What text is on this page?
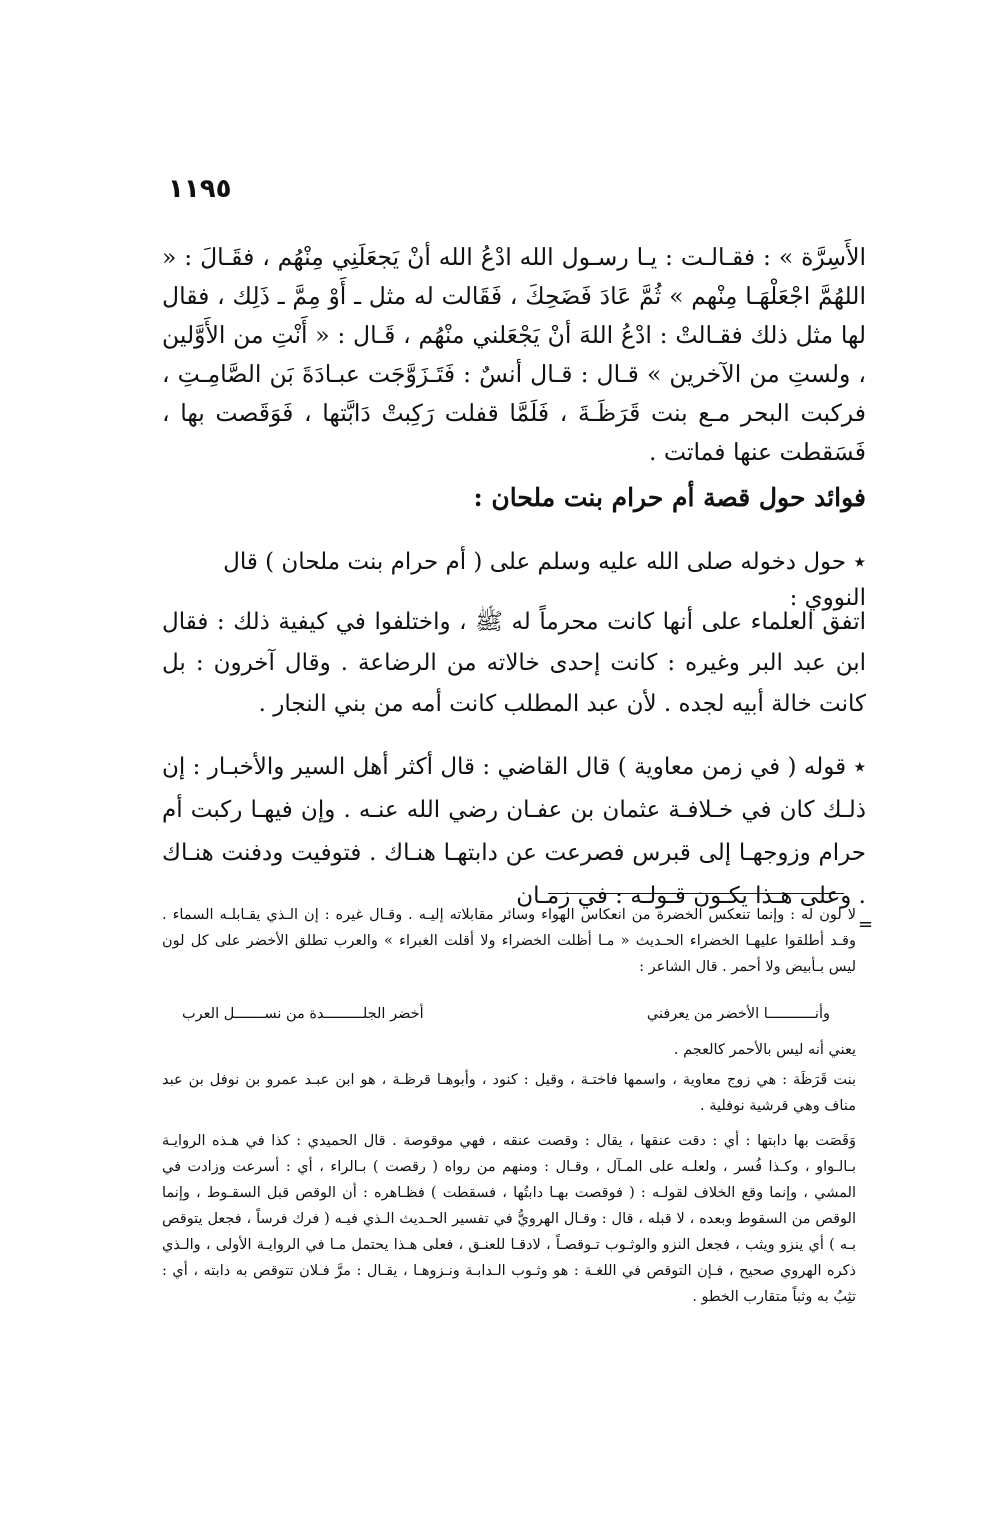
١١٩٥

الأَسِرَّة » : فقـالـت : يـا رسـول الله ادْعُ الله أنْ يَجعَلَنِي مِنْهُم ، فقَـالَ : « اللهُمَّ اجْعَلْهَـا مِنْهم » ثُمَّ عَادَ فَضَحِكَ ، فَقَالت له مثل ـ أَوْ مِمَّ ـ ذَلِك ، فقال لها مثل ذلك فقـالتْ : ادْعُ اللهَ أنْ يَجْعَلني منْهُم ، قَـال : « أَنْتِ من الأَوَّلين ، ولستِ من الآخرين » قـال : قـال أنسٌ : فَتَـزَوَّجَت عبـادَةَ بَن الصَّامِـتِ ، فركبت البحر مـع بنت قَرَظَـةَ ، فَلَمَّا قفلت رَكِبتْ دَابَّتها ، فَوَقَصت بها ، فَسَقطت عنها فماتت .

فوائد حول قصة أم حرام بنت ملحان :

٭ حول دخوله صلى الله عليه وسلم على ( أم حرام بنت ملحان ) قال النووي :

اتفق العلماء على أنها كانت محرماً له ﷺ ، واختلفوا في كيفية ذلك : فقال ابن عبد البر وغيره : كانت إحدى خالاته من الرضاعة . وقال آخرون : بل كانت خالة أبيه لجده . لأن عبد المطلب كانت أمه من بني النجار .

٭ قوله ( في زمن معاوية ) قال القاضي : قال أكثر أهل السير والأخبـار : إن ذلـك كان في خـلافـة عثمان بن عفـان رضي الله عنـه . وإن فيهـا ركبت أم حرام وزوجهـا إلى قبرس فصرعت عن دابتهـا هنـاك . فتوفيت ودفنت هنـاك . وعلى هـذا يكـون قـولـه : في زمـان

=

لا لون له : وإنما تنعكس الخضرة من انعكاس الهواء وسائر مقابلاته إليـه . وقـال غيره : إن الـذي يقـابلـه السماء . وقـد أطلقوا عليهـا الخضراء الحـديث « مـا أظلت الخضراء ولا أقلت الغبراء » والعرب تطلق الأخضر على كل لون ليس بـأبيض ولا أحمر . قال الشاعر :

وأنـــــــــــا الأخضر من يعرفني
أخضر الجلـــــــــدة من نســـــــل العرب

يعني أنه ليس بالأحمر كالعجم .

بنت قَرَظَة : هي زوج معاوية ، واسمها فاختـة ، وقيل : كنود ، وأبوهـا قرظـة ، هو ابن عبـد عمرو بن نوفل بن عبد مناف وهي قرشية نوفلية .

وَقَصَت بها دابتها : أي : دقت عنقها ، يقال : وقصت عنقه ، فهي موقوصة . قال الحميدي : كذا في هـذه الروايـة بـالـواو ، وكـذا فُسر ، ولعلـه على المـآل ، وقـال : ومنهم من رواه ( رقصت ) بـالراء ، أي : أسرعت وزادت في المشي ، وإنما وقع الخلاف لقولـه : ( فوقصت بهـا دابتُها ، فسقطت ) فظـاهره : أن الوقص قبل السقـوط ، وإنما الوقص من السقوط وبعده ، لا قبله ، قال : وقـال الهرويُّ في تفسير الحـديث الـذي فيـه ( فرك فرساً ، فجعل يتوقص بـه ) أي ينزو ويثب ، فجعل النزو والوثـوب تـوقصـاً ، لادقـا للعنـق ، فعلى هـذا يحتمل مـا في الروايـة الأولى ، والـذي ذكره الهروي صحيح ، فـإن التوقص في اللغـة : هو وثـوب الـدابـة ونـزوهـا ، يقـال : مرَّ فـلان تتوقص به دابته ، أي : تثِبُ به وثباً متقارب الخطو .
